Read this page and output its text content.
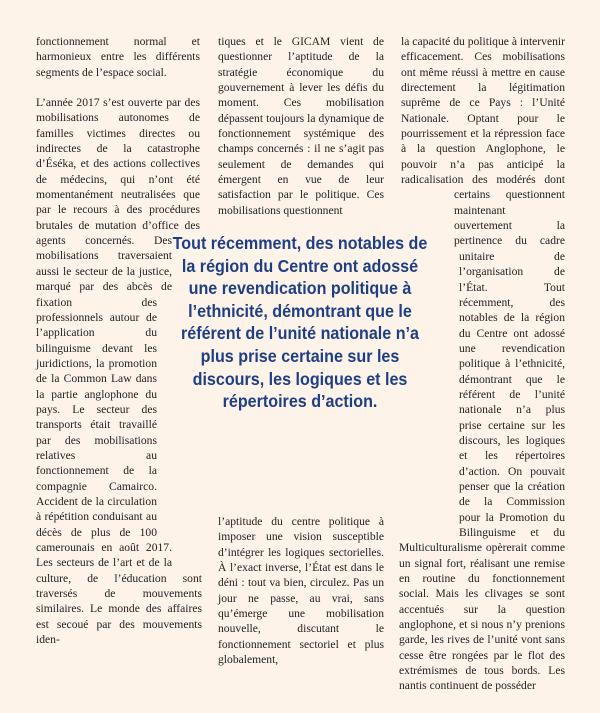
fonctionnement normal et harmonieux entre les différents segments de l’espace social.

L’année 2017 s’est ouverte par des mobilisations autonomes de familles victimes directes ou indirectes de la catastrophe d’Éséka, et des actions collectives de médecins, qui n’ont été momentanément neutralisées que par le recours à des procédures brutales de mutation d’office des agents concernés. Des mobilisations traversaient aussi le secteur de la justice, marqué par des abcès de fixation des professionnels autour de l’application du bilinguisme devant les juridictions, la promotion de la Common Law dans la partie anglophone du pays. Le secteur des transports était travaillé par des mobilisations relatives au fonctionnement de la compagnie Camairco. Accident de la circulation à répétition conduisant au décès de plus de 100 camerounais en août 2017. Les secteurs de l’art et de la culture, de l’éducation sont traversés de mouvements similaires. Le monde des affaires est secoué par des mouvements iden-

tiques et le GICAM vient de questionner l’aptitude de la stratégie économique du gouvernement à lever les défis du moment. Ces mobilisation dépassent toujours la dynamique de fonctionnement systémique des champs concernés : il ne s’agit pas seulement de demandes qui émergent en vue de leur satisfaction par le politique. Ces mobilisations questionnent

l’aptitude du centre politique à imposer une vision susceptible d’intégrer les logiques sectorielles. À l’exact inverse, l’État est dans le déni : tout va bien, circulez. Pas un jour ne passe, au vrai, sans qu’émerge une mobilisation nouvelle, discutant le fonctionnement sectoriel et plus globalement,

la capacité du politique à intervenir efficacement. Ces mobilisations ont même réussi à mettre en cause directement la légitimation suprême de ce Pays : l’Unité Nationale. Optant pour le pourrissement et la répression face à la question Anglophone, le pouvoir n’a pas anticipé la radicalisation des modérés dont certains questionnent maintenant ouvertement la pertinence du cadre unitaire de l’organisation de l’État. Tout récemment, des notables de la région du Centre ont adossé une revendication politique à l’ethnicité, démontrant que le référent de l’unité nationale n’a plus prise certaine sur les discours, les logiques et les répertoires d’action. On pouvait penser que la création de la Commission pour la Promotion du Bilinguisme et du Multiculturalisme opèrerait comme un signal fort, réalisant une remise en routine du fonctionnement social. Mais les clivages se sont accentués sur la question anglophone, et si nous n’y prenions garde, les rives de l’unité vont sans cesse être rongées par le flot des extrémismes de tous bords. Les nantis continuent de posséder

Tout récemment, des notables de la région du Centre ont adossé une revendication politique à l’ethnicité, démontrant que le référent de l’unité nationale n’a plus prise certaine sur les discours, les logiques et les répertoires d’action.
